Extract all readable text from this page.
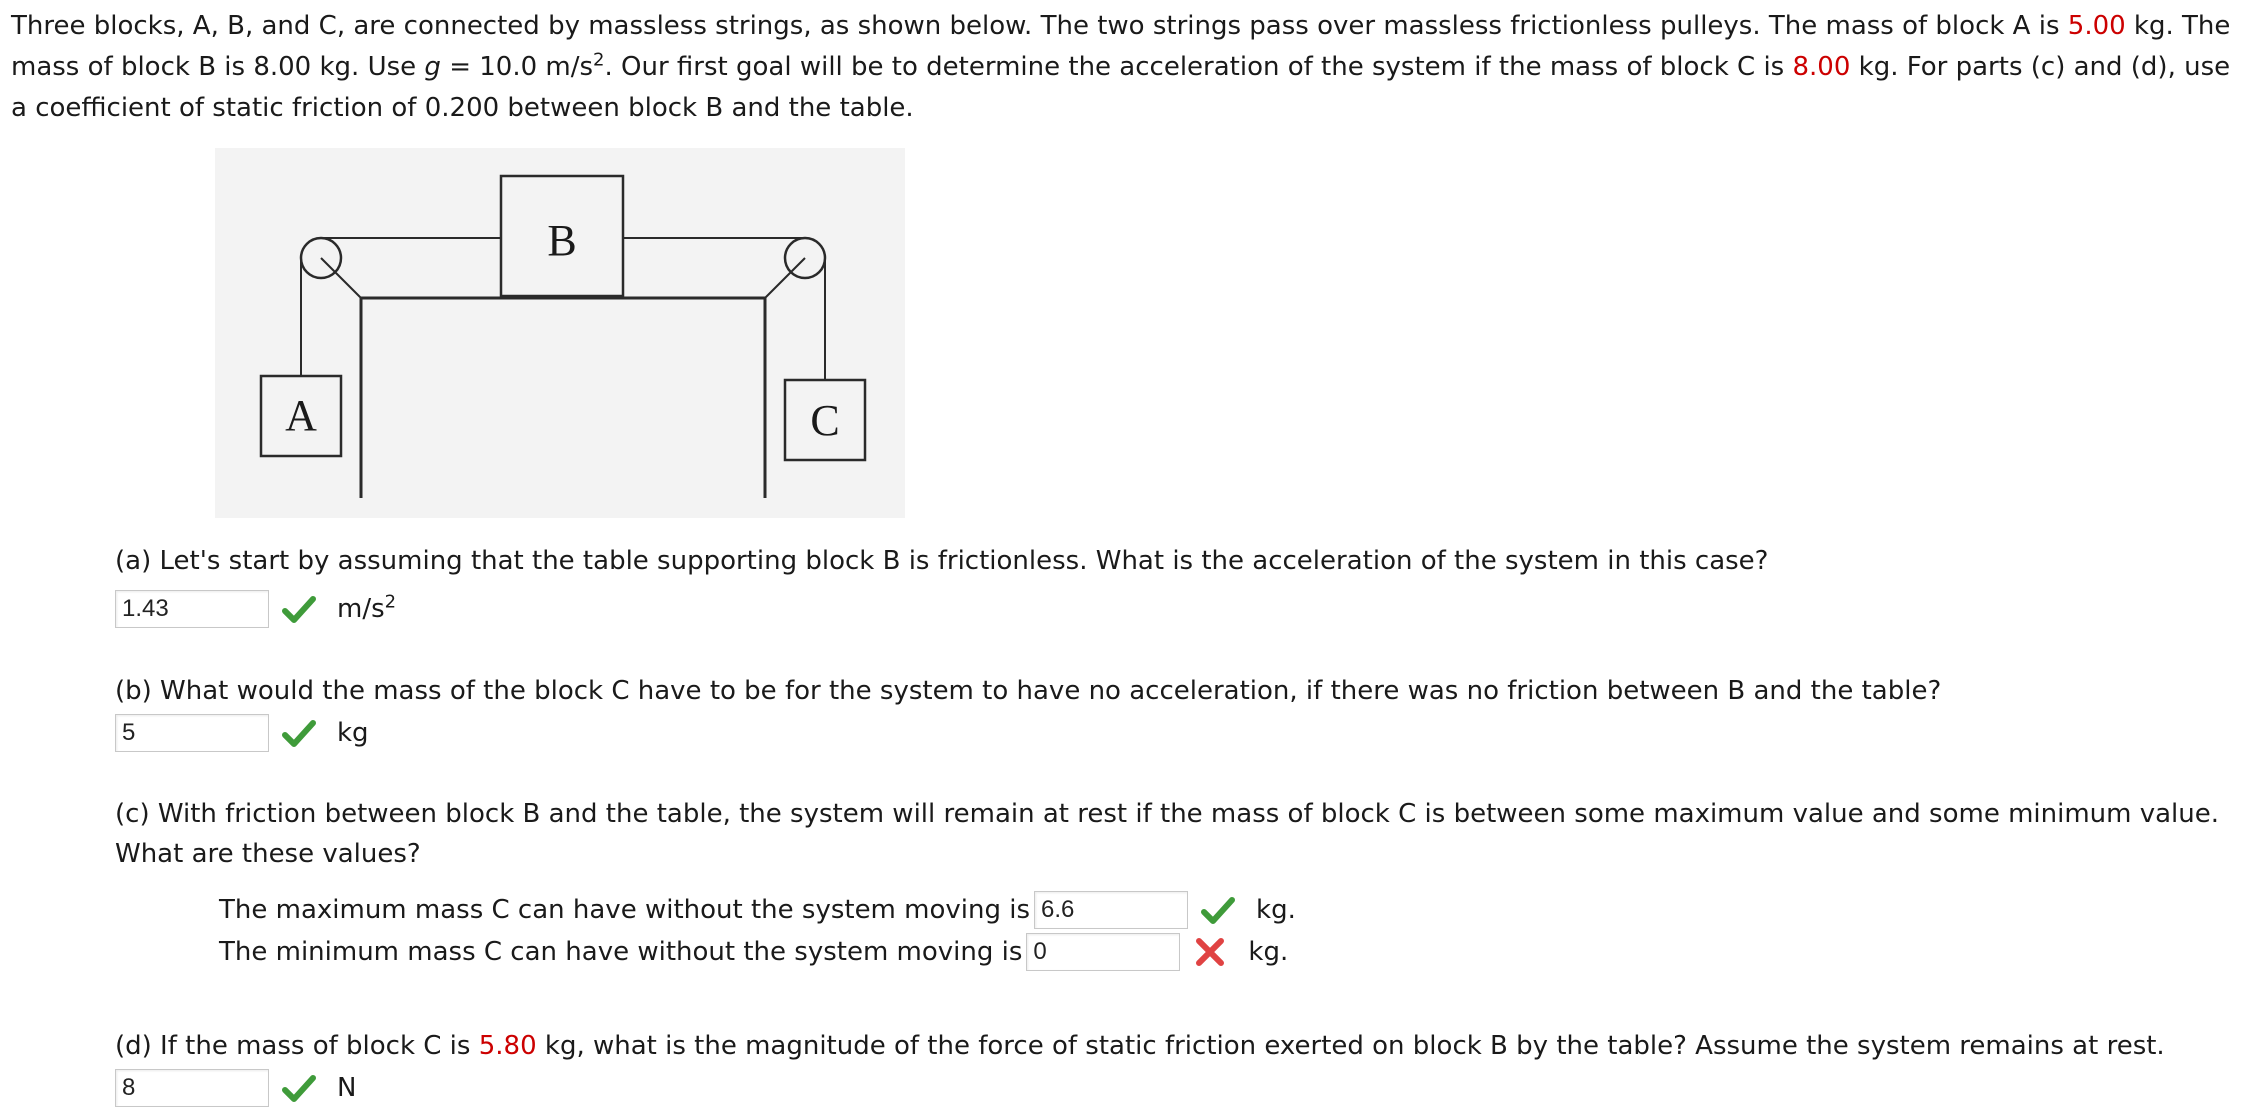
Three blocks, A, B, and C, are connected by massless strings, as shown below. The two strings pass over massless frictionless pulleys. The mass of block A is 5.00 kg. The mass of block B is 8.00 kg. Use g = 10.0 $m/s^2$. Our first goal will be to determine the acceleration of the system if the mass of block C is 8.00 kg. For parts (c) and (d), use a coefficient of static friction of 0.200 between block B and the table.

B
A	C

(a) Let's start by assuming that the table supporting block B is frictionless. What is the acceleration of the system in this case?

1.43
$m/s^2$

(b) What would the mass of the block C have to be for the system to have no acceleration, if there was no friction between B and the table?

5
kg

(c) With friction between block B and the table, the system will remain at rest if the mass of block C is between some maximum value and some minimum value.

What are these values?

The maximum mass C can have without the system moving is
6.6	kg.
The minimum mass C can have without the system moving is
0	kg.

(d) If the mass of block C is 5.80 kg, what is the magnitude of the force of static friction exerted on block B by the table? Assume the system remains at rest.

8
N
